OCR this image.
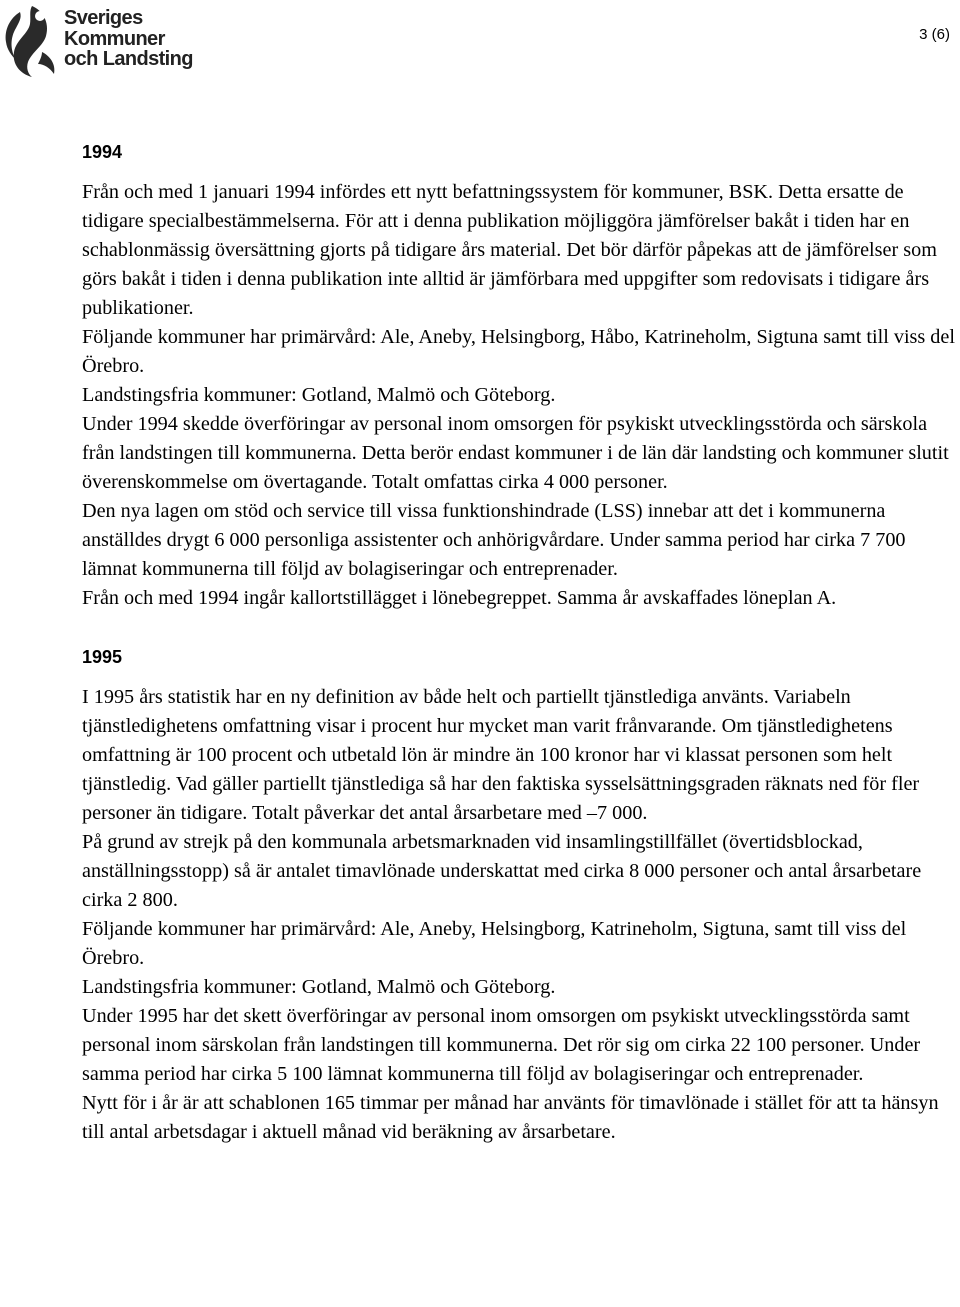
Sveriges
Kommuner
och Landsting
3 (6)
1994

Från och med 1 januari 1994 infördes ett nytt befattningssystem för kommuner, BSK. Detta ersatte de tidigare specialbestämmelserna. För att i denna publikation möjliggöra jämförelser bakåt i tiden har en schablonmässig översättning gjorts på tidigare års material. Det bör därför påpekas att de jämförelser som görs bakåt i tiden i denna publikation inte alltid är jämförbara med uppgifter som redovisats i tidigare års publikationer.

Följande kommuner har primärvård: Ale, Aneby, Helsingborg, Håbo, Katrineholm, Sigtuna samt till viss del Örebro.

Landstingsfria kommuner: Gotland, Malmö och Göteborg.

Under 1994 skedde överföringar av personal inom omsorgen för psykiskt utvecklingsstörda och särskola från landstingen till kommunerna. Detta berör endast kommuner i de län där landsting och kommuner slutit överenskommelse om övertagande. Totalt omfattas cirka 4 000 personer.

Den nya lagen om stöd och service till vissa funktionshindrade (LSS) innebar att det i kommunerna anställdes drygt 6 000 personliga assistenter och anhörigvårdare. Under samma period har cirka 7 700 lämnat kommunerna till följd av bolagiseringar och entreprenader.

Från och med 1994 ingår kallortstillägget i lönebegreppet. Samma år avskaffades löneplan A.

1995

I 1995 års statistik har en ny definition av både helt och partiellt tjänstlediga använts. Variabeln tjänstledighetens omfattning visar i procent hur mycket man varit frånvarande. Om tjänstledighetens omfattning är 100 procent och utbetald lön är mindre än 100 kronor har vi klassat personen som helt tjänstledig. Vad gäller partiellt tjänstlediga så har den faktiska sysselsättningsgraden räknats ned för fler personer än tidigare. Totalt påverkar det antal årsarbetare med –7 000.

På grund av strejk på den kommunala arbetsmarknaden vid insamlingstillfället (övertidsblockad, anställningsstopp) så är antalet timavlönade underskattat med cirka 8 000 personer och antal årsarbetare cirka 2 800.

Följande kommuner har primärvård: Ale, Aneby, Helsingborg, Katrineholm, Sigtuna, samt till viss del Örebro.

Landstingsfria kommuner: Gotland, Malmö och Göteborg.

Under 1995 har det skett överföringar av personal inom omsorgen om psykiskt utvecklingsstörda samt personal inom särskolan från landstingen till kommunerna. Det rör sig om cirka 22 100 personer. Under samma period har cirka 5 100 lämnat kommunerna till följd av bolagiseringar och entreprenader.

Nytt för i år är att schablonen 165 timmar per månad har använts för timavlönade i stället för att ta hänsyn till antal arbetsdagar i aktuell månad vid beräkning av årsarbetare.
